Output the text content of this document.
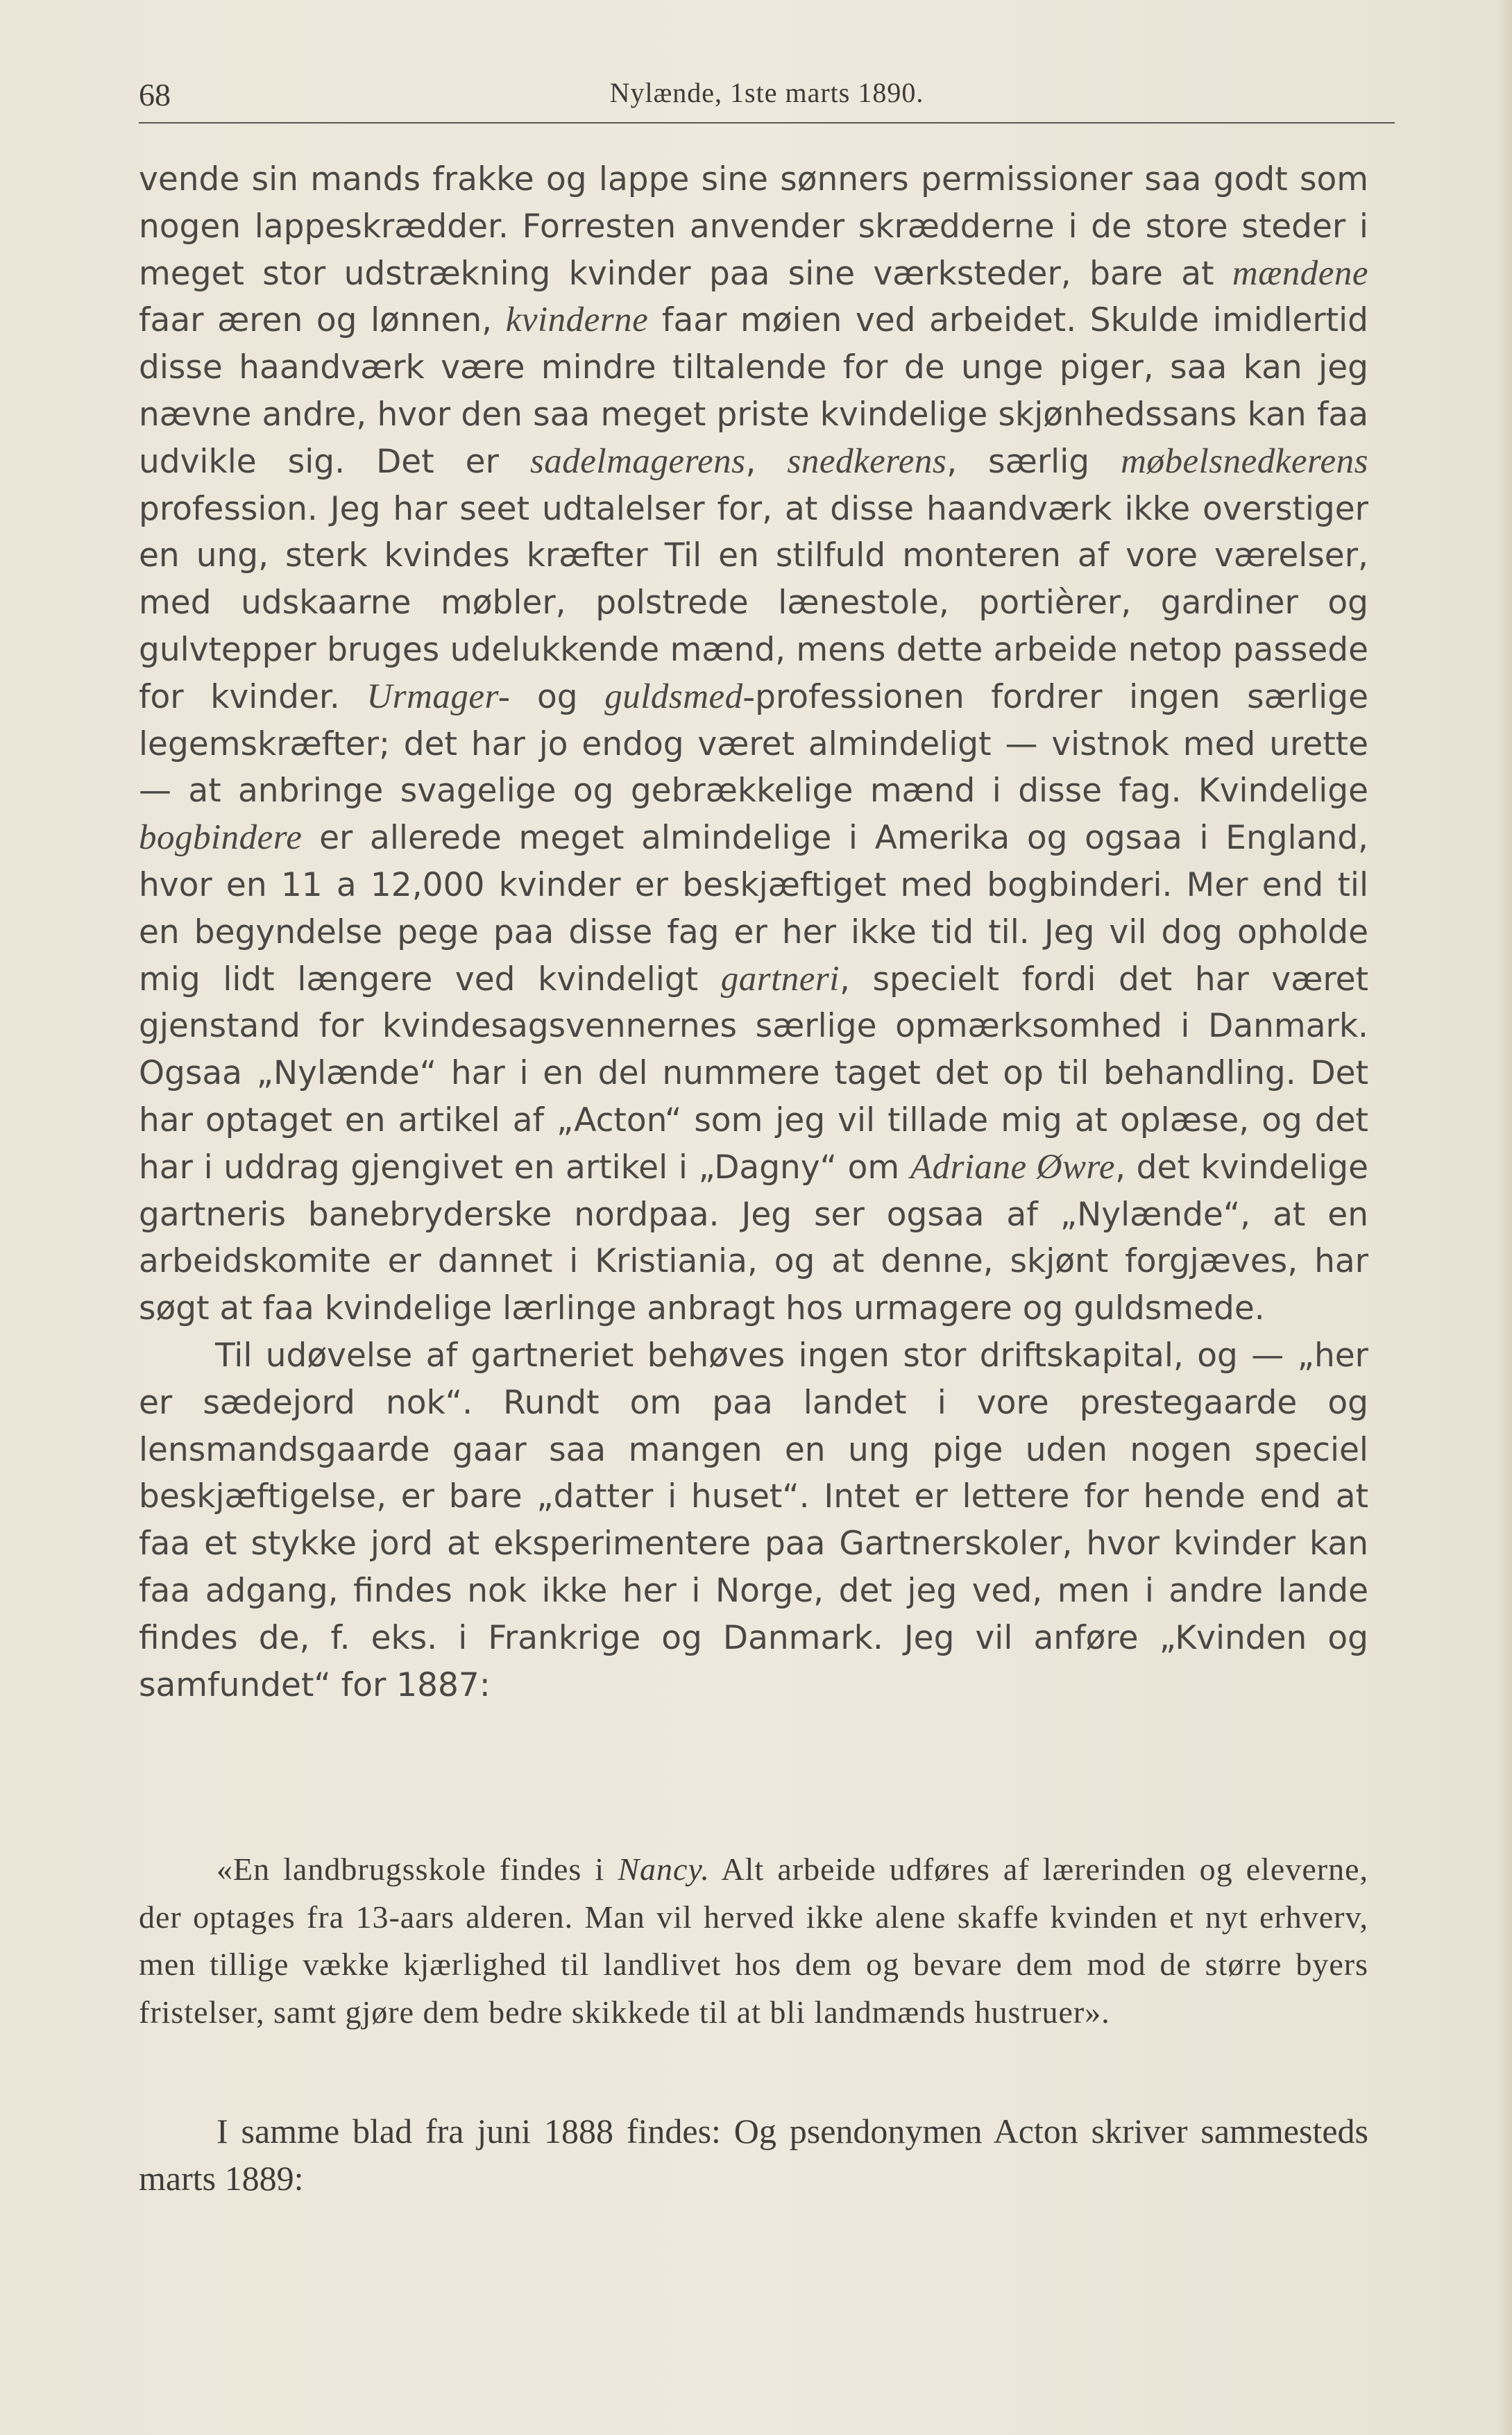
68	Nylænde, 1ste marts 1890.

vende sin mands frakke og lappe sine sønners permissioner saa godt som nogen lappeskrædder. Forresten anvender skrædderne i de store steder i meget stor udstrækning kvinder paa sine værksteder, bare at mændene faar æren og lønnen, kvinderne faar møien ved arbeidet. Skulde imidlertid disse haandværk være mindre tiltalende for de unge piger, saa kan jeg nævne andre, hvor den saa meget priste kvindelige skjønhedssans kan faa udvikle sig. Det er sadelmagerens, snedkerens, særlig møbelsnedkerens profession. Jeg har seet udtalelser for, at disse haandværk ikke overstiger en ung, sterk kvindes kræfter Til en stilfuld monteren af vore værelser, med udskaarne møbler, polstrede lænestole, portièrer, gardiner og gulvtepper bruges udelukkende mænd, mens dette arbeide netop passede for kvinder. Urmager- og guldsmed-professionen fordrer ingen særlige legemskræfter; det har jo endog været almindeligt — vistnok med urette — at anbringe svagelige og gebrækkelige mænd i disse fag. Kvindelige bogbindere er allerede meget almindelige i Amerika og ogsaa i England, hvor en 11 a 12,000 kvinder er beskjæftiget med bogbinderi. Mer end til en begyndelse pege paa disse fag er her ikke tid til. Jeg vil dog opholde mig lidt længere ved kvindeligt gartneri, specielt fordi det har været gjenstand for kvindesagsvennernes særlige opmærksomhed i Danmark. Ogsaa „Nylænde“ har i en del nummere taget det op til behandling. Det har optaget en artikel af „Acton“ som jeg vil tillade mig at oplæse, og det har i uddrag gjengivet en artikel i „Dagny“ om Adriane Øwre, det kvindelige gartneris banebryderske nordpaa. Jeg ser ogsaa af „Nylænde“, at en arbeidskomite er dannet i Kristiania, og at denne, skjønt forgjæves, har søgt at faa kvindelige lærlinge anbragt hos urmagere og guldsmede.

Til udøvelse af gartneriet behøves ingen stor driftskapital, og — „her er sædejord nok“. Rundt om paa landet i vore prestegaarde og lensmandsgaarde gaar saa mangen en ung pige uden nogen speciel beskjæftigelse, er bare „datter i huset“. Intet er lettere for hende end at faa et stykke jord at eksperimentere paa Gartnerskoler, hvor kvinder kan faa adgang, findes nok ikke her i Norge, det jeg ved, men i andre lande findes de, f. eks. i Frankrige og Danmark. Jeg vil anføre „Kvinden og samfundet“ for 1887:

«En landbrugsskole findes i Nancy. Alt arbeide udføres af lærerinden og eleverne, der optages fra 13-aars alderen. Man vil herved ikke alene skaffe kvinden et nyt erhverv, men tillige vække kjærlighed til landlivet hos dem og bevare dem mod de større byers fristelser, samt gjøre dem bedre skikkede til at bli landmænds hustruer».

I samme blad fra juni 1888 findes: Og psendonymen Acton skriver sammesteds marts 1889:
